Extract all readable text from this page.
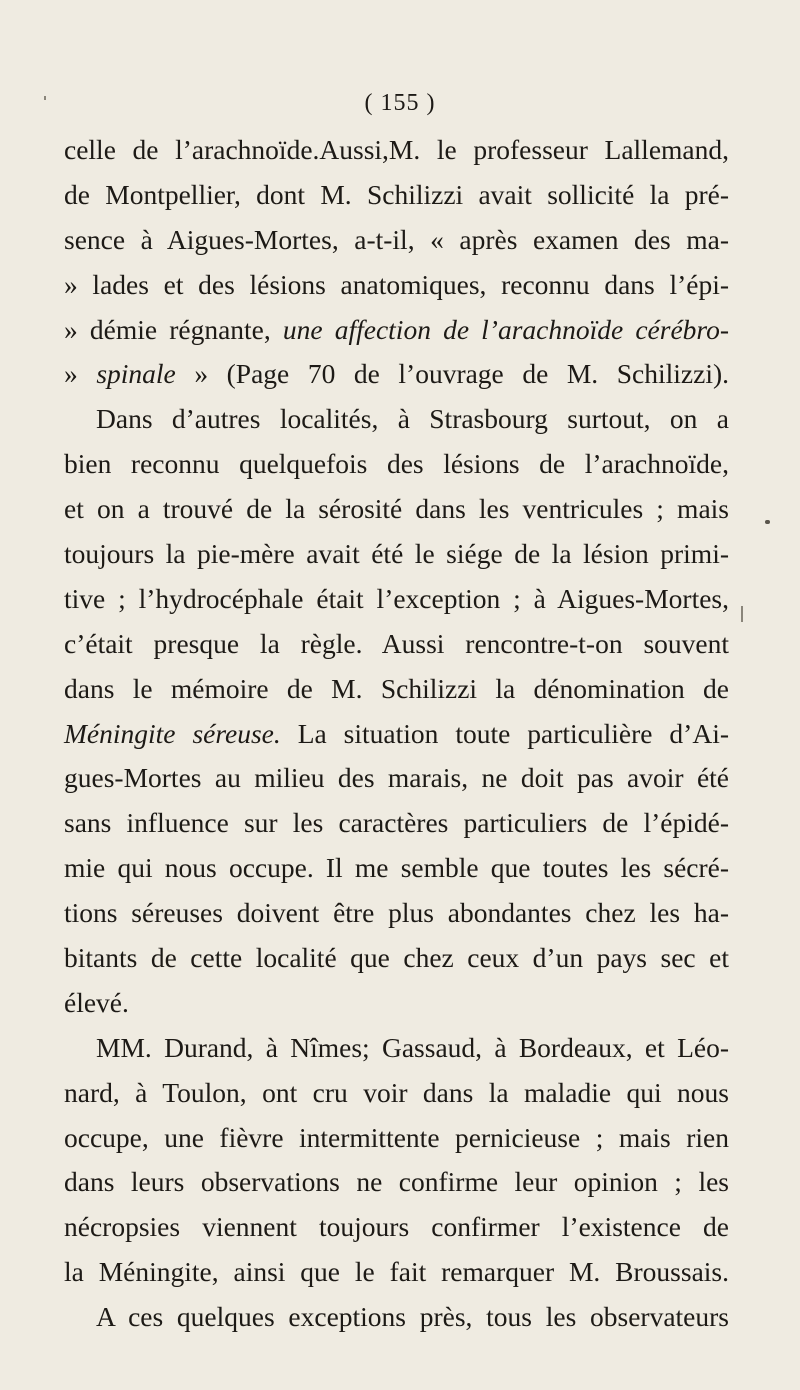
( 155 )
celle de l’arachnoïde.Aussi,M. le professeur Lallemand,
de Montpellier, dont M. Schilizzi avait sollicité la pré-
sence à Aigues-Mortes, a-t-il, « après examen des ma-
» lades et des lésions anatomiques, reconnu dans l’épi-
» démie régnante, une affection de l’arachnoïde cérébro-
» spinale » (Page 70 de l’ouvrage de M. Schilizzi).
Dans d’autres localités, à Strasbourg surtout, on a
bien reconnu quelquefois des lésions de l’arachnoïde,
et on a trouvé de la sérosité dans les ventricules ; mais
toujours la pie-mère avait été le siége de la lésion primi-
tive ; l’hydrocéphale était l’exception ; à Aigues-Mortes,
c’était presque la règle. Aussi rencontre-t-on souvent
dans le mémoire de M. Schilizzi la dénomination de
Méningite séreuse. La situation toute particulière d’Ai-
gues-Mortes au milieu des marais, ne doit pas avoir été
sans influence sur les caractères particuliers de l’épidé-
mie qui nous occupe. Il me semble que toutes les sécré-
tions séreuses doivent être plus abondantes chez les ha-
bitants de cette localité que chez ceux d’un pays sec et
élevé.
MM. Durand, à Nîmes; Gassaud, à Bordeaux, et Léo-
nard, à Toulon, ont cru voir dans la maladie qui nous
occupe, une fièvre intermittente pernicieuse ; mais rien
dans leurs observations ne confirme leur opinion ; les
nécropsies viennent toujours confirmer l’existence de
la Méningite, ainsi que le fait remarquer M. Broussais.
A ces quelques exceptions près, tous les observateurs
